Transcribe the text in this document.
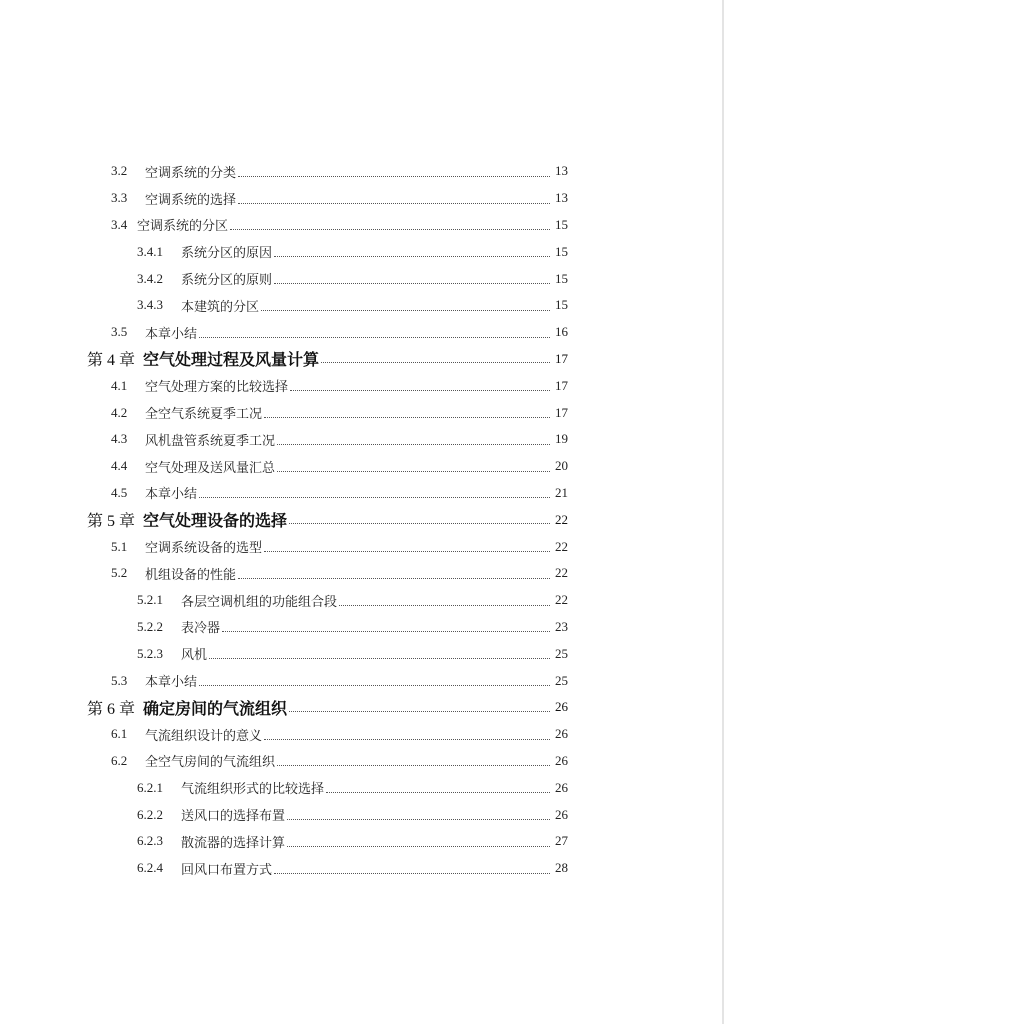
3.2	空调系统的分类	13
3.3	空调系统的选择	13
3.4 空调系统的分区	15
3.4.1	系统分区的原因	15
3.4.2	系统分区的原则	15
3.4.3	本建筑的分区	15
3.5	本章小结	16
第 4 章 空气处理过程及风量计算	17
4.1	空气处理方案的比较选择	17
4.2	全空气系统夏季工况	17
4.3	风机盘管系统夏季工况	19
4.4	空气处理及送风量汇总	20
4.5	本章小结	21
第 5 章 空气处理设备的选择	22
5.1	空调系统设备的选型	22
5.2	机组设备的性能	22
5.2.1	各层空调机组的功能组合段	22
5.2.2	表冷器	23
5.2.3	风机	25
5.3	本章小结	25
第 6 章 确定房间的气流组织	26
6.1	气流组织设计的意义	26
6.2	全空气房间的气流组织	26
6.2.1	气流组织形式的比较选择	26
6.2.2	送风口的选择布置	26
6.2.3	散流器的选择计算	27
6.2.4	回风口布置方式	28
